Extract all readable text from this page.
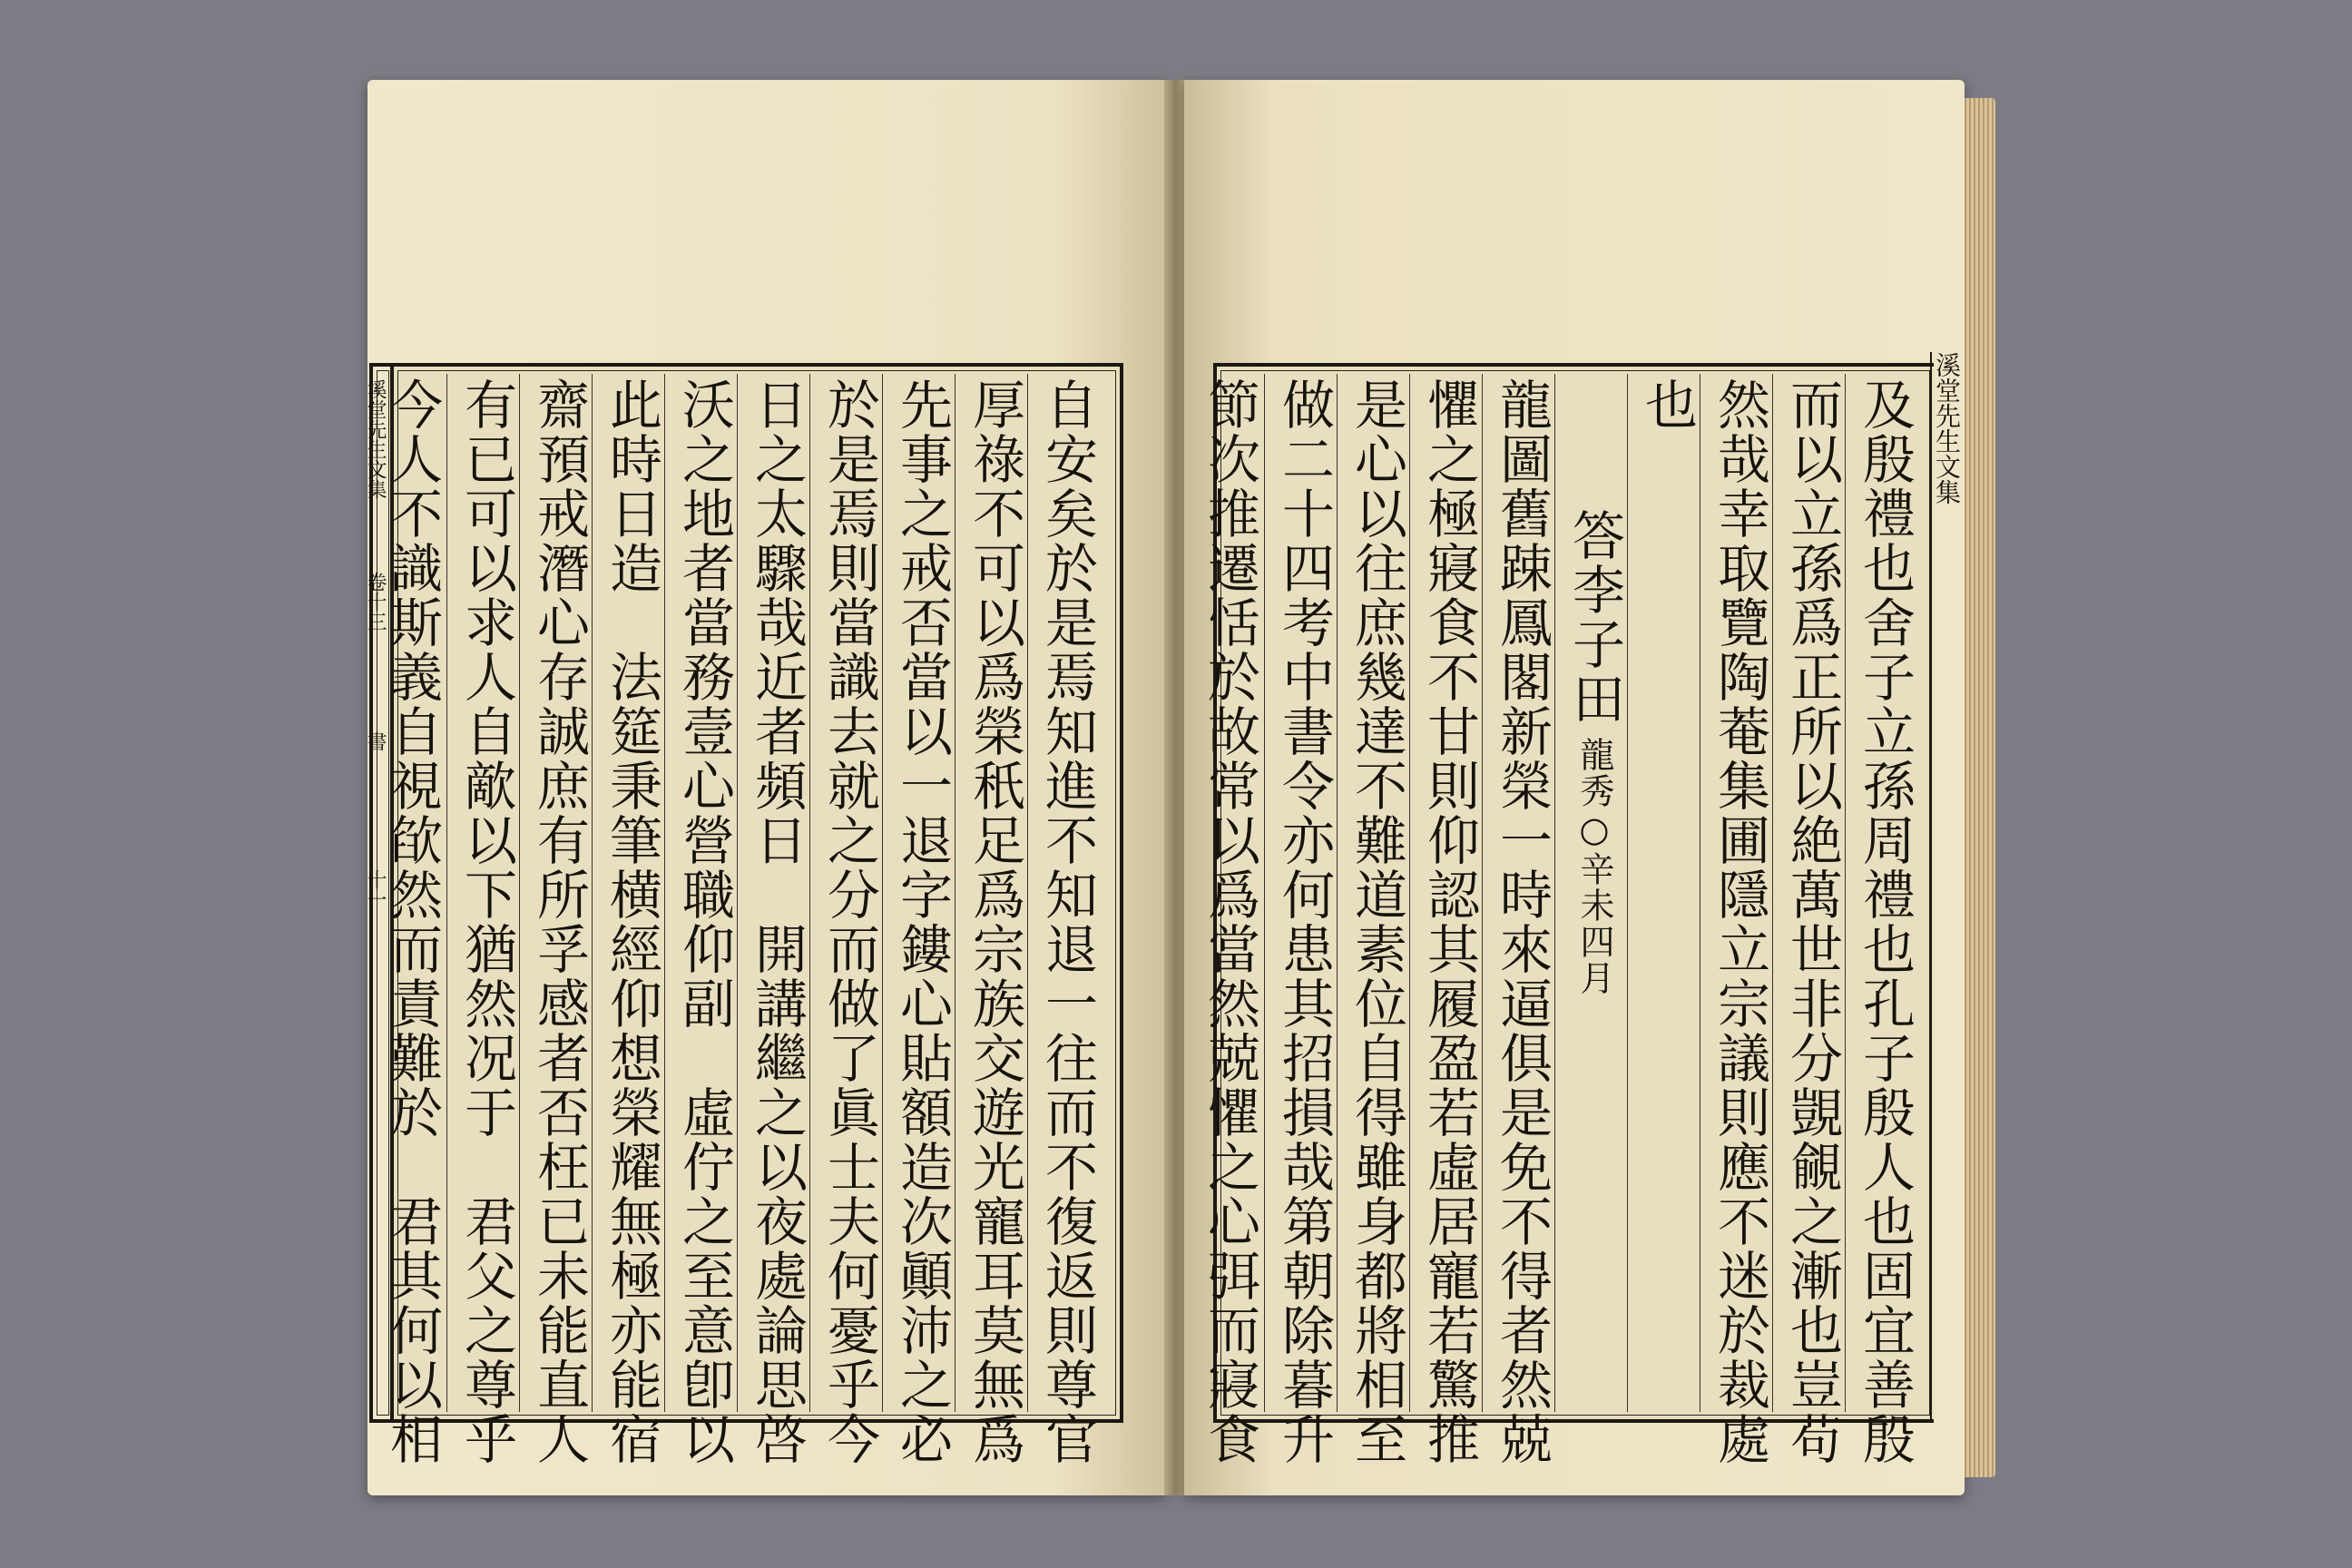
自安矣於是焉知進不知退一往而不復返則尊官
厚祿不可以爲榮秖足爲宗族交遊光寵耳莫無爲
先事之戒否當以一退字鏤心貼額造次顚沛之必
於是焉則當識去就之分而做了眞士夫何憂乎今
日之太驟哉近者頻日　開講繼之以夜處論思啓
沃之地者當務壹心營職仰副　虛佇之至意卽以
此時日造　法筵秉筆横經仰想榮耀無極亦能宿
齋預戒潛心存誠庶有所孚感者否枉已未能直人
有已可以求人自歒以下猶然况于　君父之尊乎
今人不識斯義自視欿然而責難於　君其何以相
溪堂先生文集  卷十三  書  十一	及殷禮也舍子立孫周禮也孔子殷人也固宜善殷
而以立孫爲正所以絶萬世非分覬覦之漸也豈苟
然哉幸取覽陶菴集圃隱立宗議則應不迷於裁處
也
答李子田龍秀○辛未四月
龍圖舊踈鳳閣新榮一時來逼俱是免不得者然兢
懼之極寢食不甘則仰認其履盈若虛居寵若驚推
是心以往庶幾達不難道素位自得雖身都將相至
做二十四考中書令亦何患其招損哉第朝除暮升
節次推遷恬於故常以爲當然兢懼之心弭而寢食	溪堂先生文集
